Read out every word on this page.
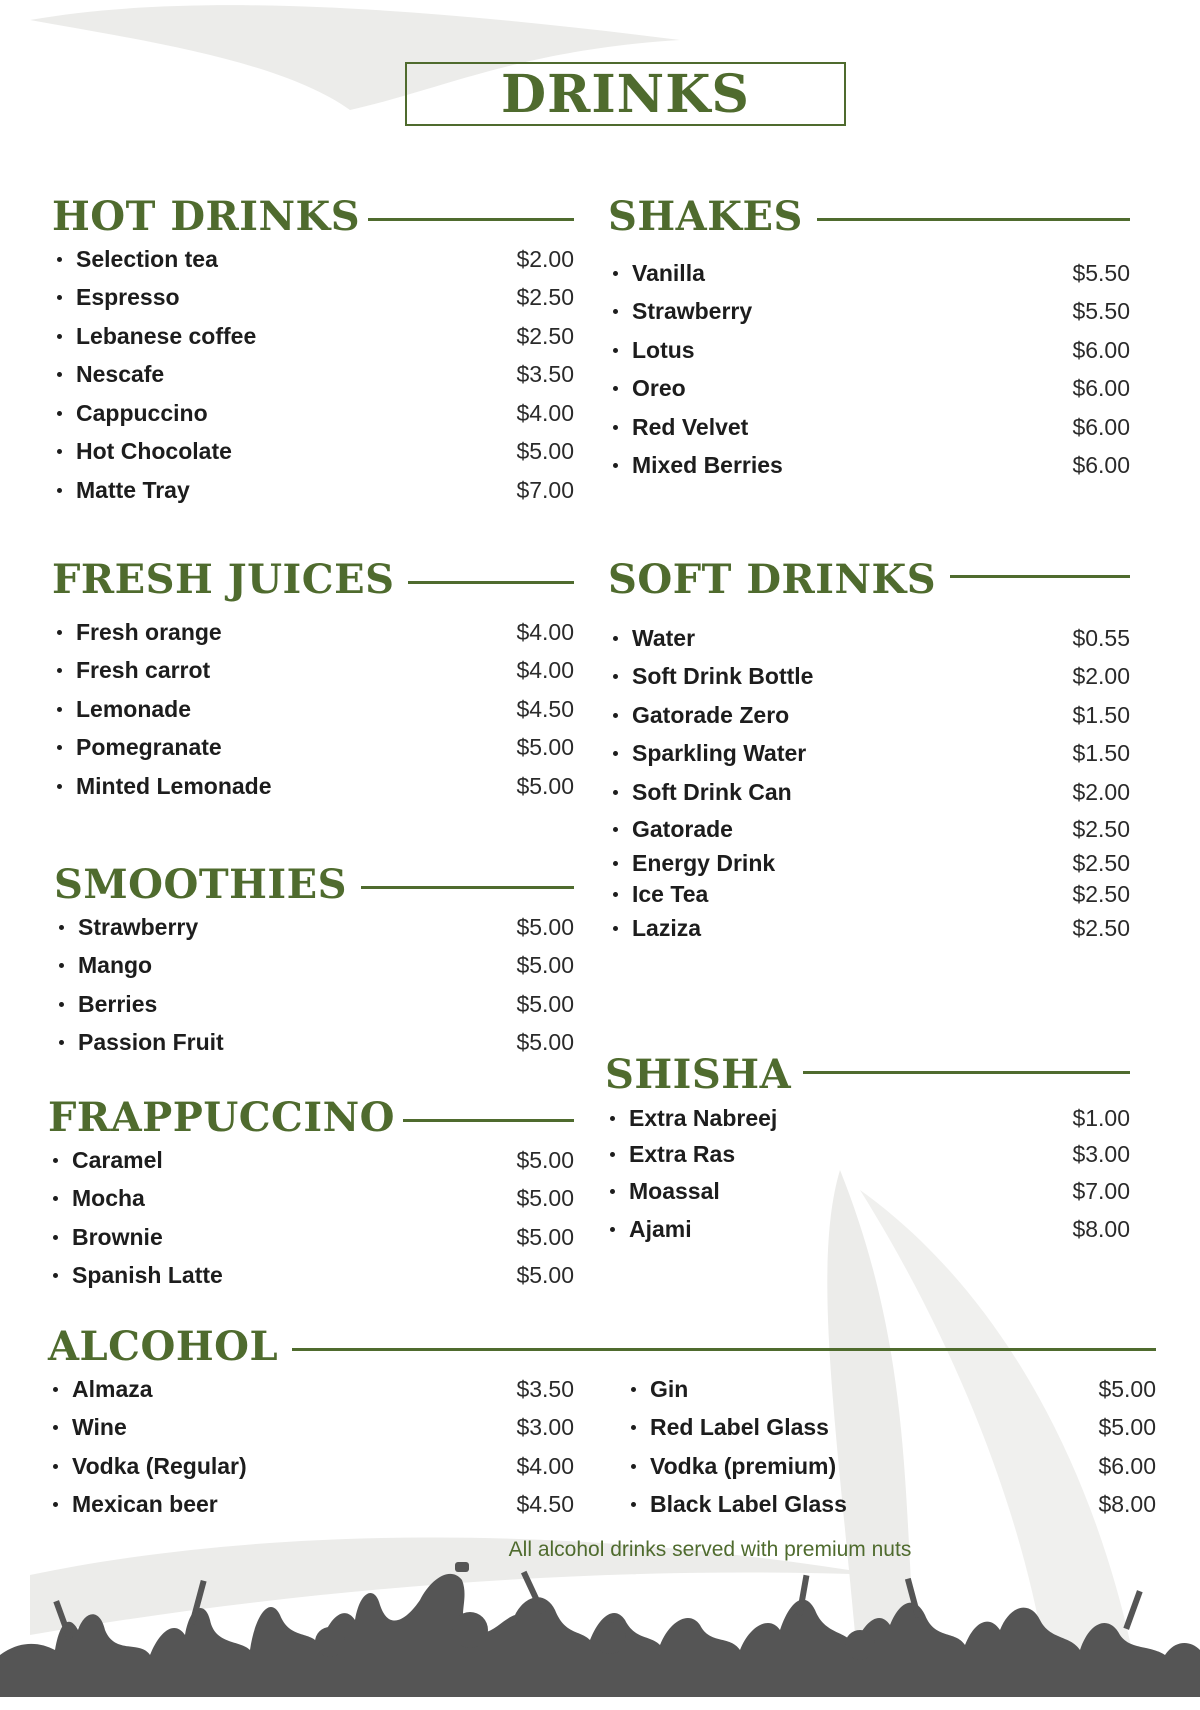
DRINKS
HOT DRINKS
Selection tea	$2.00
Espresso	$2.50
Lebanese coffee	$2.50
Nescafe	$3.50
Cappuccino	$4.00
Hot Chocolate	$5.00
Matte Tray	$7.00
SHAKES
Vanilla	$5.50
Strawberry	$5.50
Lotus	$6.00
Oreo	$6.00
Red Velvet	$6.00
Mixed Berries	$6.00
FRESH JUICES
Fresh orange	$4.00
Fresh carrot	$4.00
Lemonade	$4.50
Pomegranate	$5.00
Minted Lemonade	$5.00
SOFT DRINKS
Water	$0.55
Soft Drink Bottle	$2.00
Gatorade Zero	$1.50
Sparkling Water	$1.50
Soft Drink Can	$2.00
Gatorade	$2.50
Energy Drink	$2.50
Ice Tea	$2.50
Laziza	$2.50
SMOOTHIES
Strawberry	$5.00
Mango	$5.00
Berries	$5.00
Passion Fruit	$5.00
SHISHA
Extra Nabreej	$1.00
Extra Ras	$3.00
Moassal	$7.00
Ajami	$8.00
FRAPPUCCINO
Caramel	$5.00
Mocha	$5.00
Brownie	$5.00
Spanish Latte	$5.00
ALCOHOL
Almaza	$3.50
Wine	$3.00
Vodka (Regular)	$4.00
Mexican beer	$4.50
Gin	$5.00
Red Label Glass	$5.00
Vodka (premium)	$6.00
Black Label Glass	$8.00
All alcohol drinks served with premium nuts
